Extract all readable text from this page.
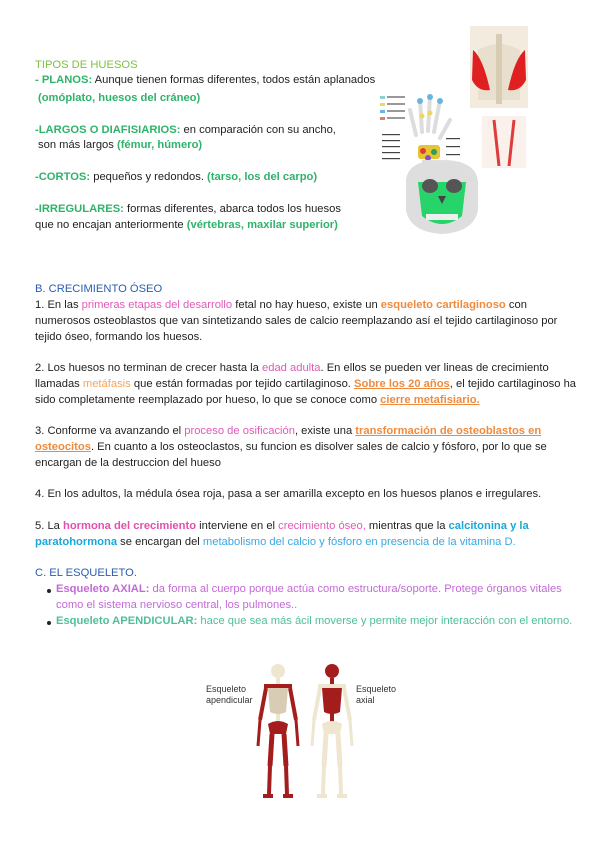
TIPOS DE HUESOS
- PLANOS: Aunque tienen formas diferentes, todos están aplanados
(omóplato, huesos del cráneo)
-LARGOS O DIAFISIARIOS: en comparación con su ancho,
son más largos (fémur, húmero)
-CORTOS: pequeños y redondos. (tarso, los del carpo)
-IRREGULARES: formas diferentes, abarca todos los huesos
que no encajan anteriormente (vértebras, maxilar superior)
B. CRECIMIENTO ÓSEO
1. En las primeras etapas del desarrollo fetal no hay hueso, existe un esqueleto cartilaginoso con
numerosos osteoblastos que van sintetizando sales de calcio reemplazando así el tejido cartilaginoso por
tejido óseo, formando los huesos.
2. Los huesos no terminan de crecer hasta la edad adulta. En ellos se pueden ver lineas de crecimiento
llamadas metáfasis que están formadas por tejido cartilaginoso. Sobre los 20 años, el tejido cartilaginoso ha
sido completamente reemplazado por hueso, lo que se conoce como cierre metafisiario.
3. Conforme va avanzando el proceso de osificación, existe una transformación de osteoblastos en
osteocitos. En cuanto a los osteoclastos, su funcion es disolver sales de calcio y fósforo, por lo que se
encargan de la destruccion del hueso
4. En los adultos, la médula ósea roja, pasa a ser amarilla excepto en los huesos planos e irregulares.
5. La hormona del crecimiento interviene en el crecimiento óseo, mientras que la calcitonina y la
paratohormona se encargan del metabolismo del calcio y fósforo en presencia de la vitamina D.
C. EL ESQUELETO.
Esqueleto AXIAL: da forma al cuerpo porque actúa como estructura/soporte. Protege órganos vitales
como el sistema nervioso central, los pulmones..
Esqueleto APENDICULAR: hace que sea más ácil moverse y permite mejor interacción con el entorno.
Esqueleto
apendicular
Esqueleto
axial
